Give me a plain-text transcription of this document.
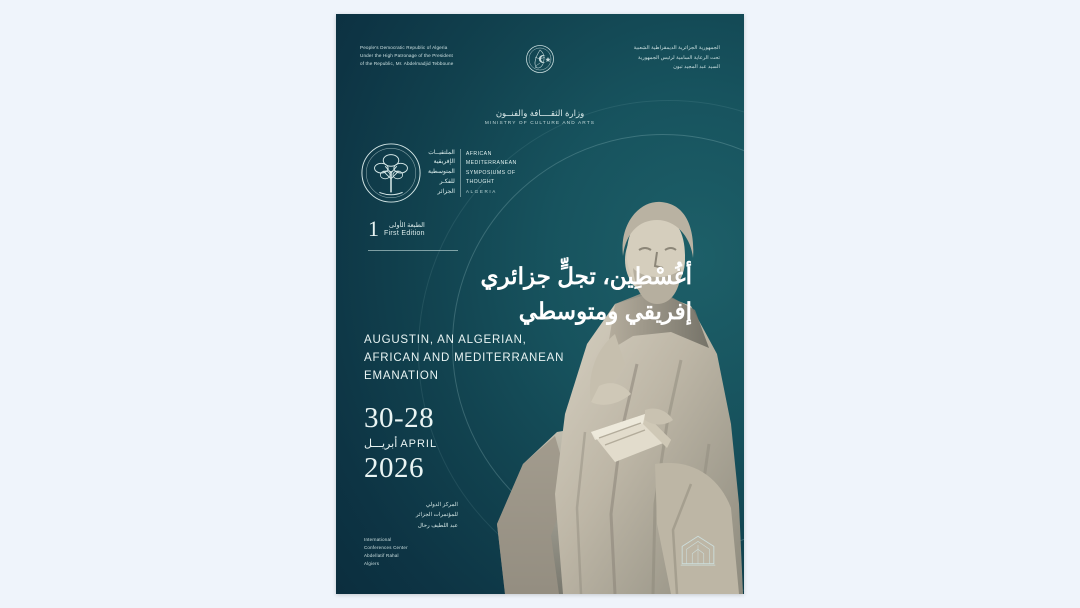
People's Democratic Republic of Algeria
Under the High Patronage of the President
of the Republic, Mr. Abdelmadjid Tebboune
الجمهورية الجزائرية الديمقراطية الشعبية
تحت الرعاية السامية لرئيس الجمهورية
السيد عبد المجيد تبون
وزارة الثقــــافة والفنــون
MINISTRY OF CULTURE AND ARTS
الملتقيــات
الإفريقية
المتوسطية
للفكـر
الجزائر
AFRICAN
MEDITERRANEAN
SYMPOSIUMS OF
THOUGHT
ALGERIA
1	الطبعة الأولى
First Edition
أغُسْطِين، تجلٍّ جزائري
إفريقي ومتوسطي
AUGUSTIN, AN ALGERIAN,
AFRICAN AND MEDITERRANEAN
EMANATION
30-28
أبريـــل APRIL
2026
المركز الدولي
للمؤتمرات الجزائر
عبد اللطيف رحال
International
Conferences Center
Abdellatif Rahal
Algiers
